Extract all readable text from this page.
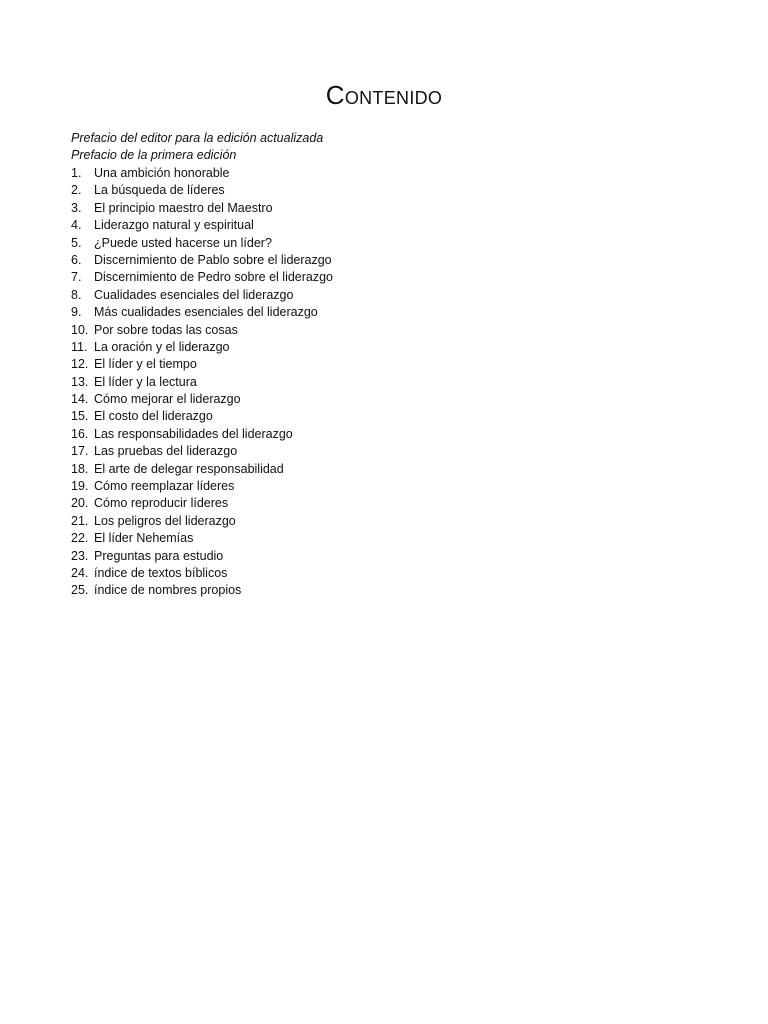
Contenido
Prefacio del editor para la edición actualizada
Prefacio de la primera edición
1.	Una ambición honorable
2.	La búsqueda de líderes
3.	El principio maestro del Maestro
4.	Liderazgo natural y espiritual
5.	¿Puede usted hacerse un líder?
6.	Discernimiento de Pablo sobre el liderazgo
7.	Discernimiento de Pedro sobre el liderazgo
8.	Cualidades esenciales del liderazgo
9.	Más cualidades esenciales del liderazgo
10. Por sobre todas las cosas
11. La oración y el liderazgo
12. El líder y el tiempo
13. El líder y la lectura
14. Cómo mejorar el liderazgo
15. El costo del liderazgo
16. Las responsabilidades del liderazgo
17. Las pruebas del liderazgo
18. El arte de delegar responsabilidad
19. Cómo reemplazar líderes
20. Cómo reproducir líderes
21. Los peligros del liderazgo
22. El líder Nehemías
23. Preguntas para estudio
24. índice de textos bíblicos
25. índice de nombres propios
